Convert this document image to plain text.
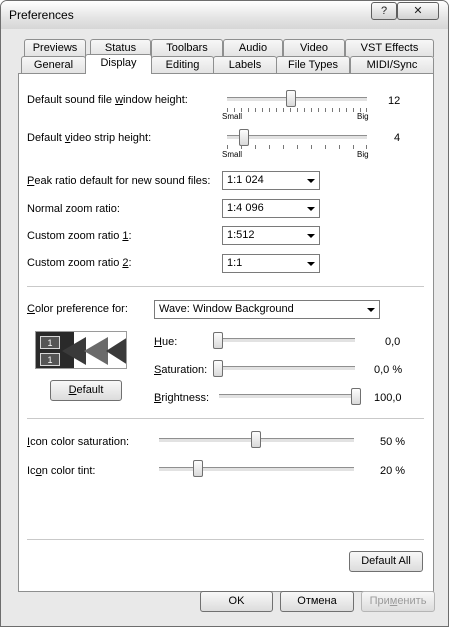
Preferences	?	✕
Previews	Status	Toolbars	Audio	Video	VST Effects
General	Display	Editing	Labels	File Types	MIDI/Sync
Default sound file window height:
Small	Big
12
Default video strip height:
Small	Big
4
Peak ratio default for new sound files: 1:1 024
Normal zoom ratio:	1:4 096
Custom zoom ratio 1:	1:512
Custom zoom ratio 2:	1:1
Color preference for:	Wave: Window Background
1
1
Default
Hue:	0,0
Saturation:	0,0 %
Brightness:	100,0
Icon color saturation:	50 %
Icon color tint:	20 %
Default All
OK	Отмена	Применить
